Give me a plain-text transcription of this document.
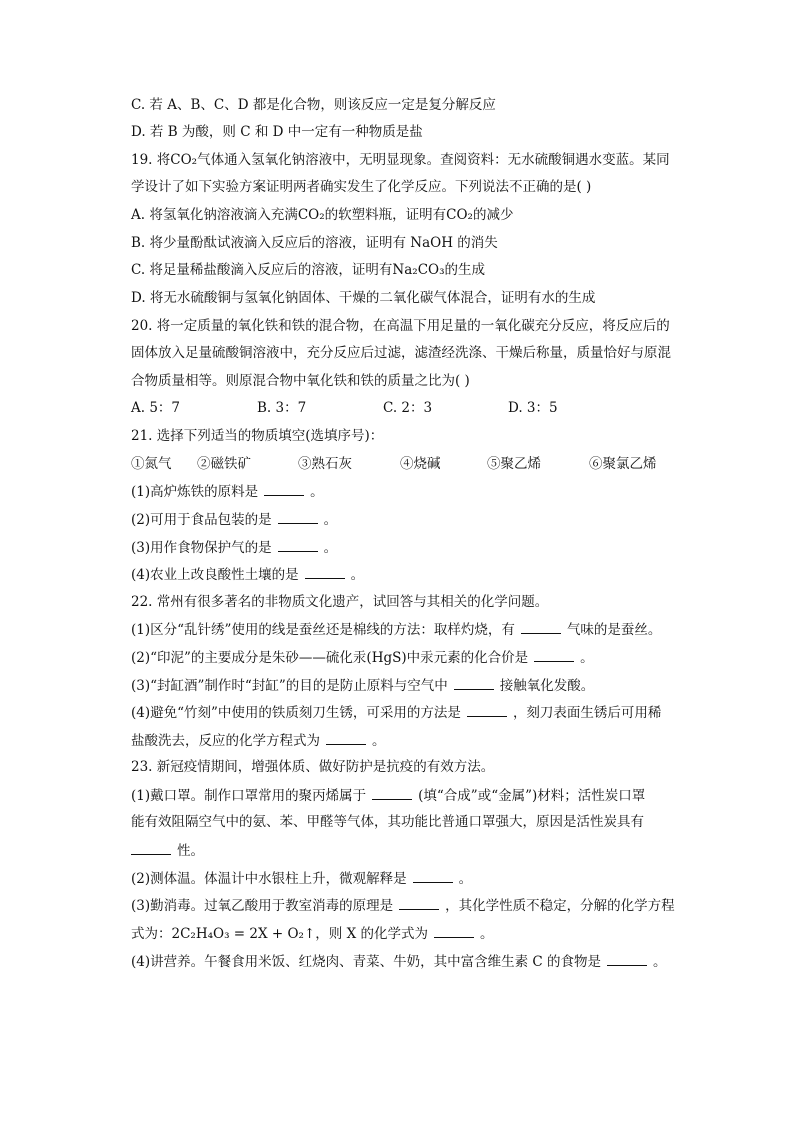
C. 若 A、B、C、D 都是化合物，则该反应一定是复分解反应
D. 若 B 为酸，则 C 和 D 中一定有一种物质是盐
19. 将CO₂气体通入氢氧化钠溶液中，无明显现象。查阅资料：无水硫酸铜遇水变蓝。某同
学设计了如下实验方案证明两者确实发生了化学反应。下列说法不正确的是( )
A. 将氢氧化钠溶液滴入充满CO₂的软塑料瓶，证明有CO₂的减少
B. 将少量酚酞试液滴入反应后的溶液，证明有 NaOH 的消失
C. 将足量稀盐酸滴入反应后的溶液，证明有Na₂CO₃的生成
D. 将无水硫酸铜与氢氧化钠固体、干燥的二氧化碳气体混合，证明有水的生成
20. 将一定质量的氧化铁和铁的混合物，在高温下用足量的一氧化碳充分反应，将反应后的
固体放入足量硫酸铜溶液中，充分反应后过滤，滤渣经洗涤、干燥后称量，质量恰好与原混
合物质量相等。则原混合物中氧化铁和铁的质量之比为( )
A. 5：7	B. 3：7	C. 2：3	D. 3：5
21. 选择下列适当的物质填空(选填序号)：
①氮气 ②磁铁矿	③熟石灰	④烧碱	⑤聚乙烯	⑥聚氯乙烯
(1)高炉炼铁的原料是	。
(2)可用于食品包装的是	。
(3)用作食物保护气的是	。
(4)农业上改良酸性土壤的是	。
22. 常州有很多著名的非物质文化遗产，试回答与其相关的化学问题。
(1)区分“乱针绣”使用的线是蚕丝还是棉线的方法：取样灼烧，有	气味的是蚕丝。
(2)“印泥”的主要成分是朱砂——硫化汞(HgS)中汞元素的化合价是	。
(3)“封缸酒”制作时“封缸”的目的是防止原料与空气中	接触氧化发酸。
(4)避免“竹刻”中使用的铁质刻刀生锈，可采用的方法是	，刻刀表面生锈后可用稀
盐酸洗去，反应的化学方程式为	。
23. 新冠疫情期间，增强体质、做好防护是抗疫的有效方法。
(1)戴口罩。制作口罩常用的聚丙烯属于	(填“合成”或“金属”)材料；活性炭口罩
能有效阻隔空气中的氨、苯、甲醛等气体，其功能比普通口罩强大，原因是活性炭具有
性。
(2)测体温。体温计中水银柱上升，微观解释是	。
(3)勤消毒。过氧乙酸用于教室消毒的原理是	，其化学性质不稳定，分解的化学方程
式为：2C₂H₄O₃ = 2X + O₂↑，则 X 的化学式为	。
(4)讲营养。午餐食用米饭、红烧肉、青菜、牛奶，其中富含维生素 C 的食物是	。
